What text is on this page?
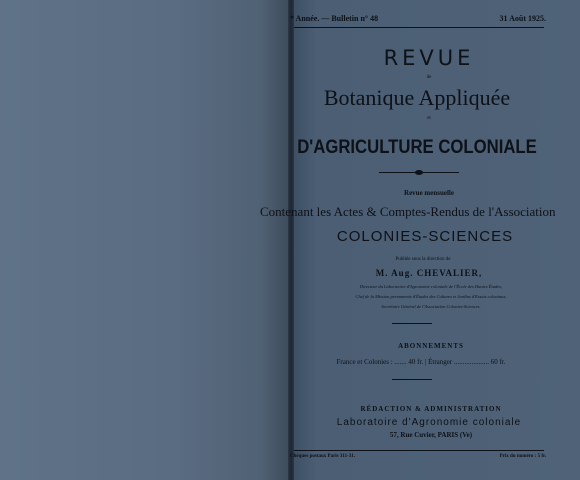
* Année. — Bulletin n° 48	31 Août 1925.
REVUE
de
Botanique Appliquée
et
D'AGRICULTURE COLONIALE
Revue mensuelle
Contenant les Actes & Comptes-Rendus de l'Association
COLONIES-SCIENCES
Publiée sous la direction de
M. Aug. CHEVALIER,
Directeur du Laboratoire d'Agronomie coloniale de l'École des Hautes Études,
Chef de la Mission permanente d'Études des Cultures et Jardins d'Essais coloniaux,
Secrétaire Général de l'Association Colonies-Sciences.
ABONNEMENTS
France et Colonies : ....... 40 fr. | Étranger .................... 60 fr.
RÉDACTION & ADMINISTRATION
Laboratoire d'Agronomie coloniale
57, Rue Cuvier, PARIS (Ve)
Chèques postaux Paris 311-31.	Prix du numéro : 5 fr.
